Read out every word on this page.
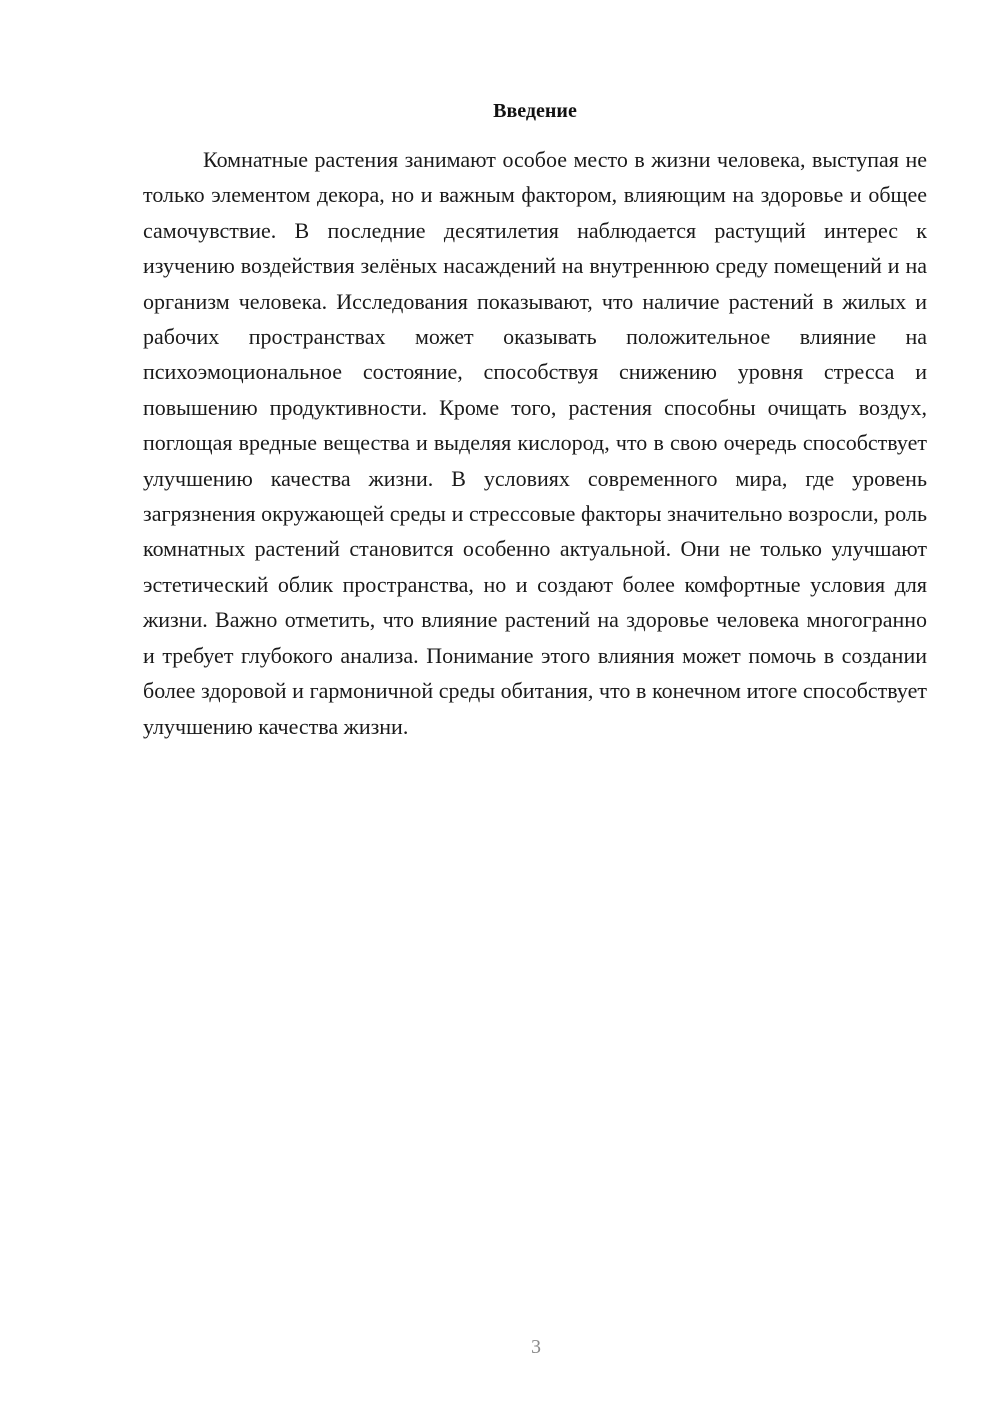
Введение

Комнатные растения занимают особое место в жизни человека, выступая не только элементом декора, но и важным фактором, влияющим на здоровье и общее самочувствие. В последние десятилетия наблюдается растущий интерес к изучению воздействия зелёных насаждений на внутреннюю среду помещений и на организм человека. Исследования показывают, что наличие растений в жилых и рабочих пространствах может оказывать положительное влияние на психоэмоциональное состояние, способствуя снижению уровня стресса и повышению продуктивности. Кроме того, растения способны очищать воздух, поглощая вредные вещества и выделяя кислород, что в свою очередь способствует улучшению качества жизни. В условиях современного мира, где уровень загрязнения окружающей среды и стрессовые факторы значительно возросли, роль комнатных растений становится особенно актуальной. Они не только улучшают эстетический облик пространства, но и создают более комфортные условия для жизни. Важно отметить, что влияние растений на здоровье человека многогранно и требует глубокого анализа. Понимание этого влияния может помочь в создании более здоровой и гармоничной среды обитания, что в конечном итоге способствует улучшению качества жизни.

3
